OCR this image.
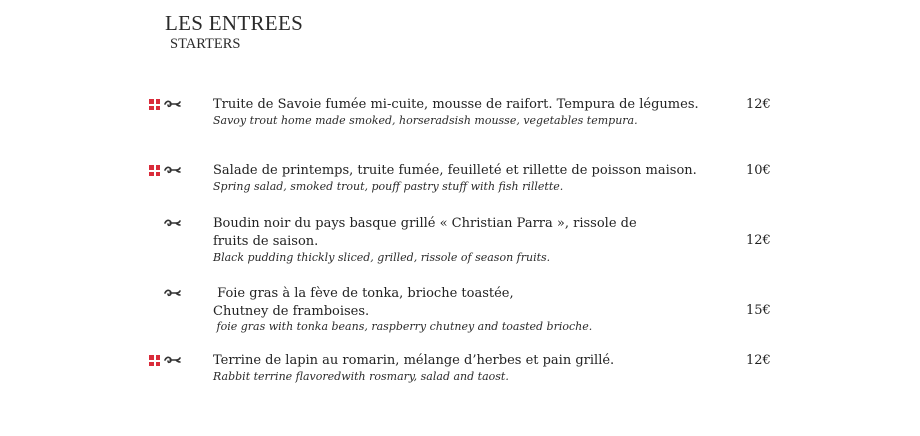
LES ENTREES
STARTERS
Truite de Savoie fumée mi-cuite, mousse de raifort. Tempura de légumes.
Savoy trout home made smoked, horseradsish mousse, vegetables tempura.
12€
Salade de printemps, truite fumée, feuilleté et rillette de poisson maison.
Spring salad, smoked trout, pouff pastry stuff with fish rillette.
10€
Boudin noir du pays basque grillé « Christian Parra », rissole de
fruits de saison.
Black pudding thickly sliced, grilled, rissole of season fruits.
12€
Foie gras à la fève de tonka, brioche toastée,
Chutney de framboises.
foie gras with tonka beans, raspberry chutney and toasted brioche.
15€
Terrine de lapin au romarin, mélange d’herbes et pain grillé.
Rabbit terrine flavoredwith rosmary, salad and taost.
12€
